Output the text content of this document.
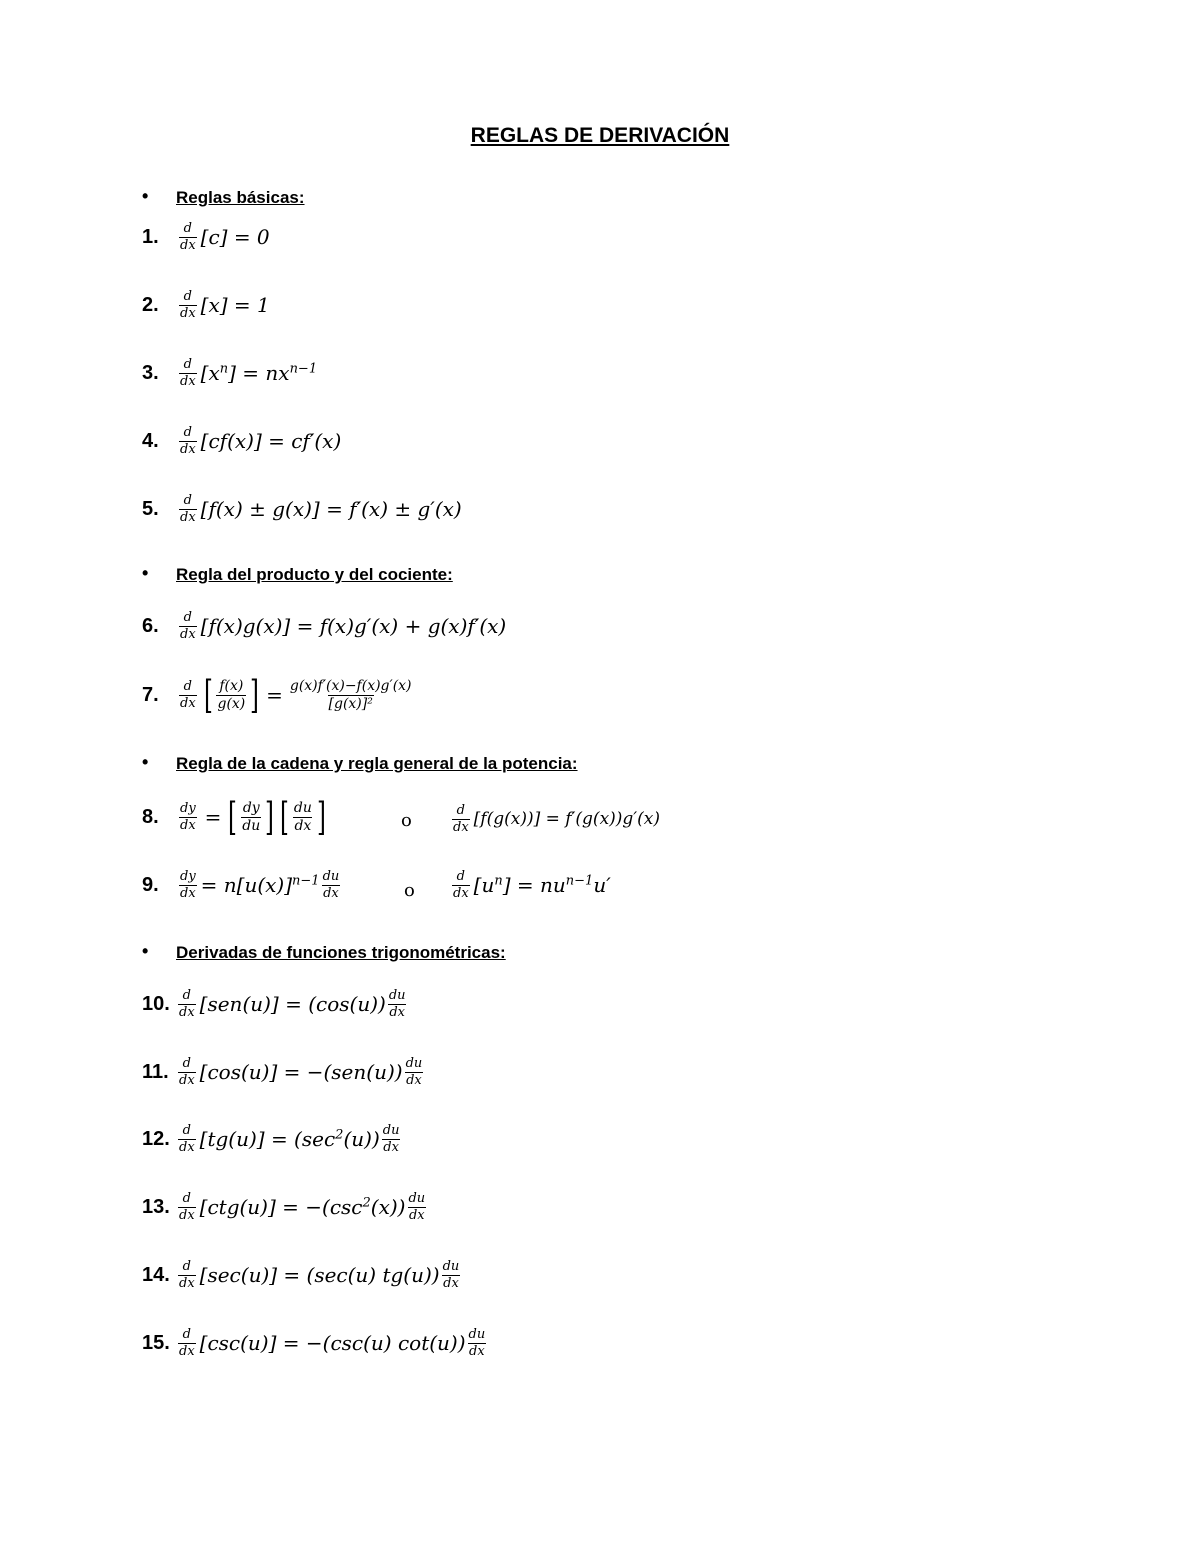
REGLAS DE DERIVACIÓN
• Reglas básicas:
1.	$\frac{d}{dx} [c] = 0$
2.	$\frac{d}{dx} [x] = 1$
3.	$\frac{d}{dx} [x^n] = nx^{n-1}$
4.	$\frac{d}{dx} [cf(x)] = cf'(x)$
5.	$\frac{d}{dx} [f(x) \pm g(x)] = f'(x) \pm g'(x)$
• Regla del producto y del cociente:
6.	$\frac{d}{dx} [f(x)g(x)] = f(x)g'(x) + g(x)f'(x)$
7.	$\frac{d}{dx}$ [ $\frac{f(x)}{g(x)}$ ] = $\frac{g(x)f'(x)-f(x)g'(x)}{\text{[g(x)]²}}$
• Regla de la cadena y regla general de la potencia:
8.	$\frac{dy}{dx}$ = [ $\frac{dy}{du}$ ] [ $\frac{du}{dx}$ ]	o	$\frac{d}{dx} [f(g(x))] = f'(g(x))g'(x)$
9.	$\frac{dy}{dx} = n[u(x)]^{n-1} \frac{du}{dx}$	o	$\frac{d}{dx} [u^n] = nu^{n-1}u'$
• Derivadas de funciones trigonométricas:
10. $\frac{d}{dx} [sen(u)] = (\cos(u)) \frac{du}{dx}$
11. $\frac{d}{dx} [\cos(u)] = -(sen(u)) \frac{du}{dx}$
12. $\frac{d}{dx} [tg(u)] = (\sec^2(u)) \frac{du}{dx}$
13. $\frac{d}{dx} [ctg(u)] = -(\csc^2(x)) \frac{du}{dx}$
14. $\frac{d}{dx} [\sec(u)] = (\sec(u)$ $tg(u)) \frac{du}{dx}$
15. $\frac{d}{dx} [\csc(u)] = -(\csc(u)$ $\cot(u)) \frac{du}{dx}$
